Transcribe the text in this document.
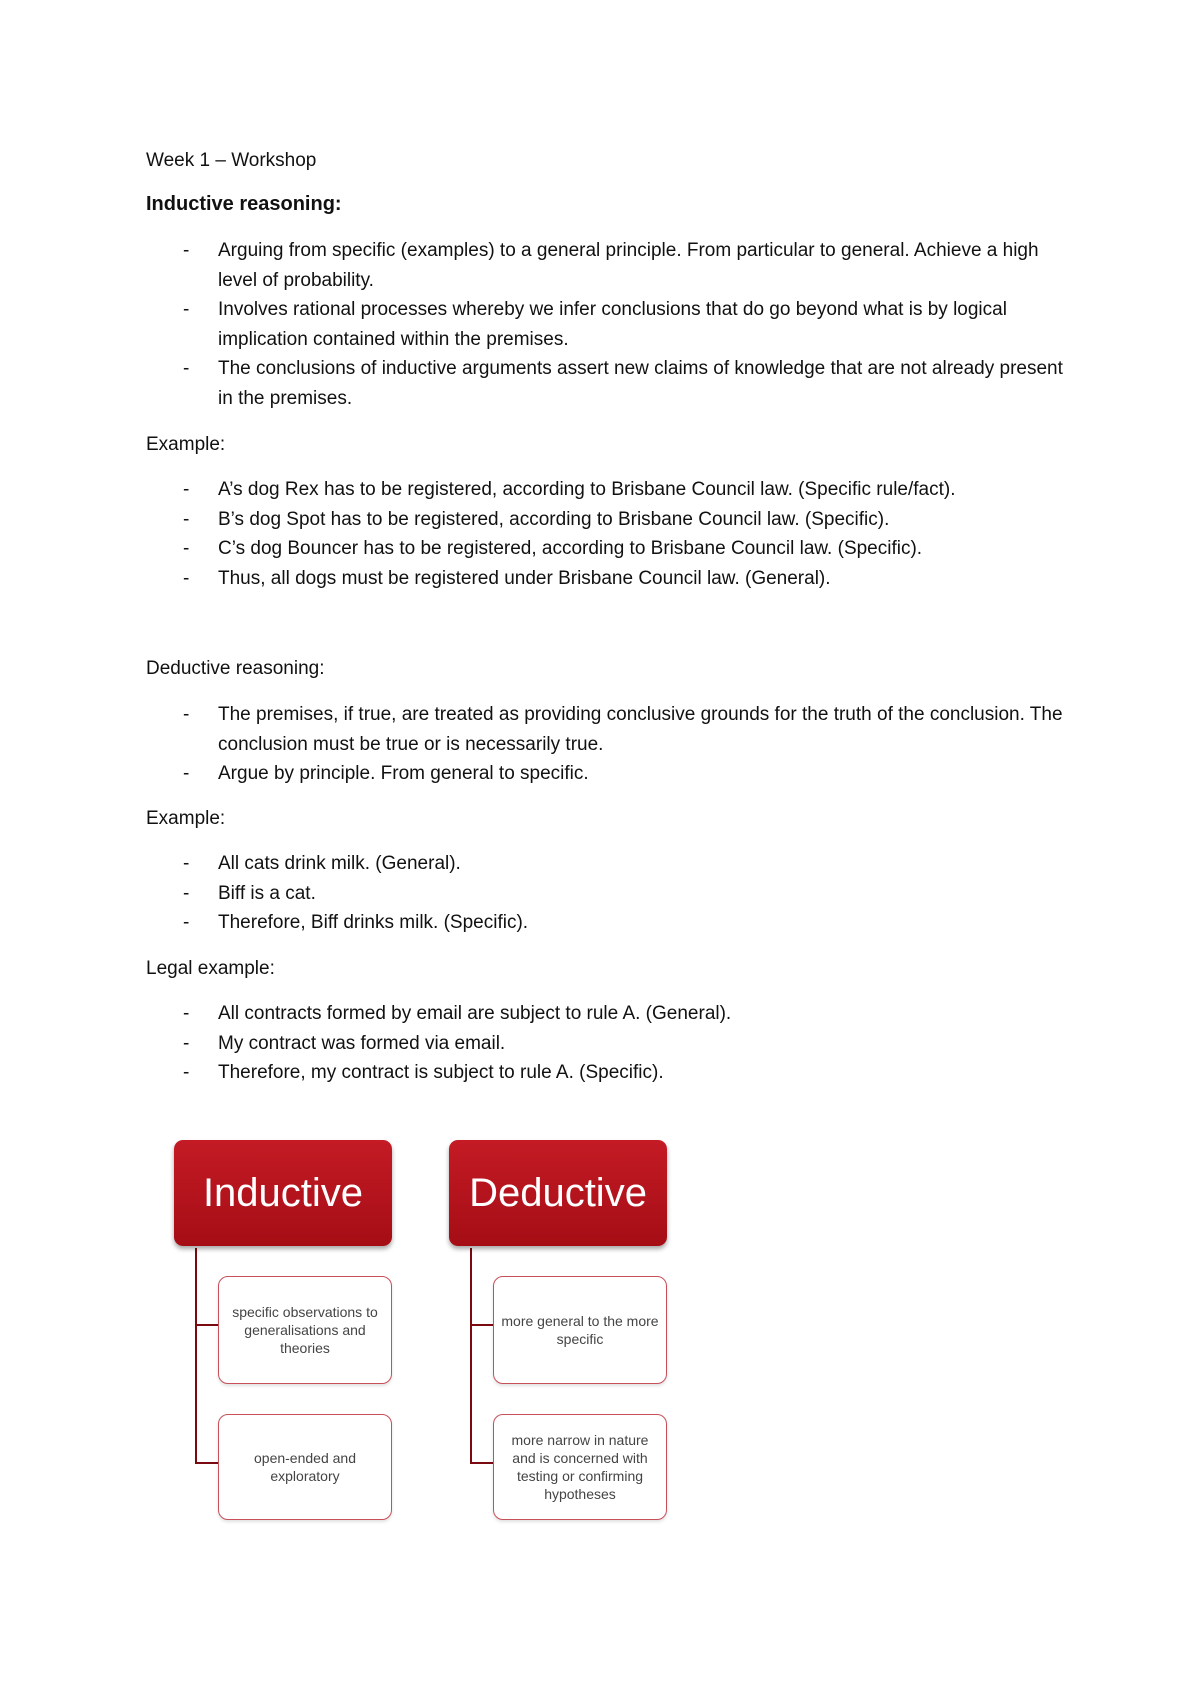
Week 1 – Workshop

Inductive reasoning:

- Arguing from specific (examples) to a general principle. From particular to general. Achieve a high level of probability.
- Involves rational processes whereby we infer conclusions that do go beyond what is by logical implication contained within the premises.
- The conclusions of inductive arguments assert new claims of knowledge that are not already present in the premises.

Example:

- A’s dog Rex has to be registered, according to Brisbane Council law. (Specific rule/fact).
- B’s dog Spot has to be registered, according to Brisbane Council law. (Specific).
- C’s dog Bouncer has to be registered, according to Brisbane Council law. (Specific).
- Thus, all dogs must be registered under Brisbane Council law. (General).

Deductive reasoning:

- The premises, if true, are treated as providing conclusive grounds for the truth of the conclusion. The conclusion must be true or is necessarily true.
- Argue by principle. From general to specific.

Example:

- All cats drink milk. (General).
- Biff is a cat.
- Therefore, Biff drinks milk. (Specific).

Legal example:

- All contracts formed by email are subject to rule A. (General).
- My contract was formed via email.
- Therefore, my contract is subject to rule A. (Specific).
Inductive
specific observations to generalisations and theories
open-ended and exploratory
Deductive
more general to the more specific
more narrow in nature and is concerned with testing or confirming hypotheses
